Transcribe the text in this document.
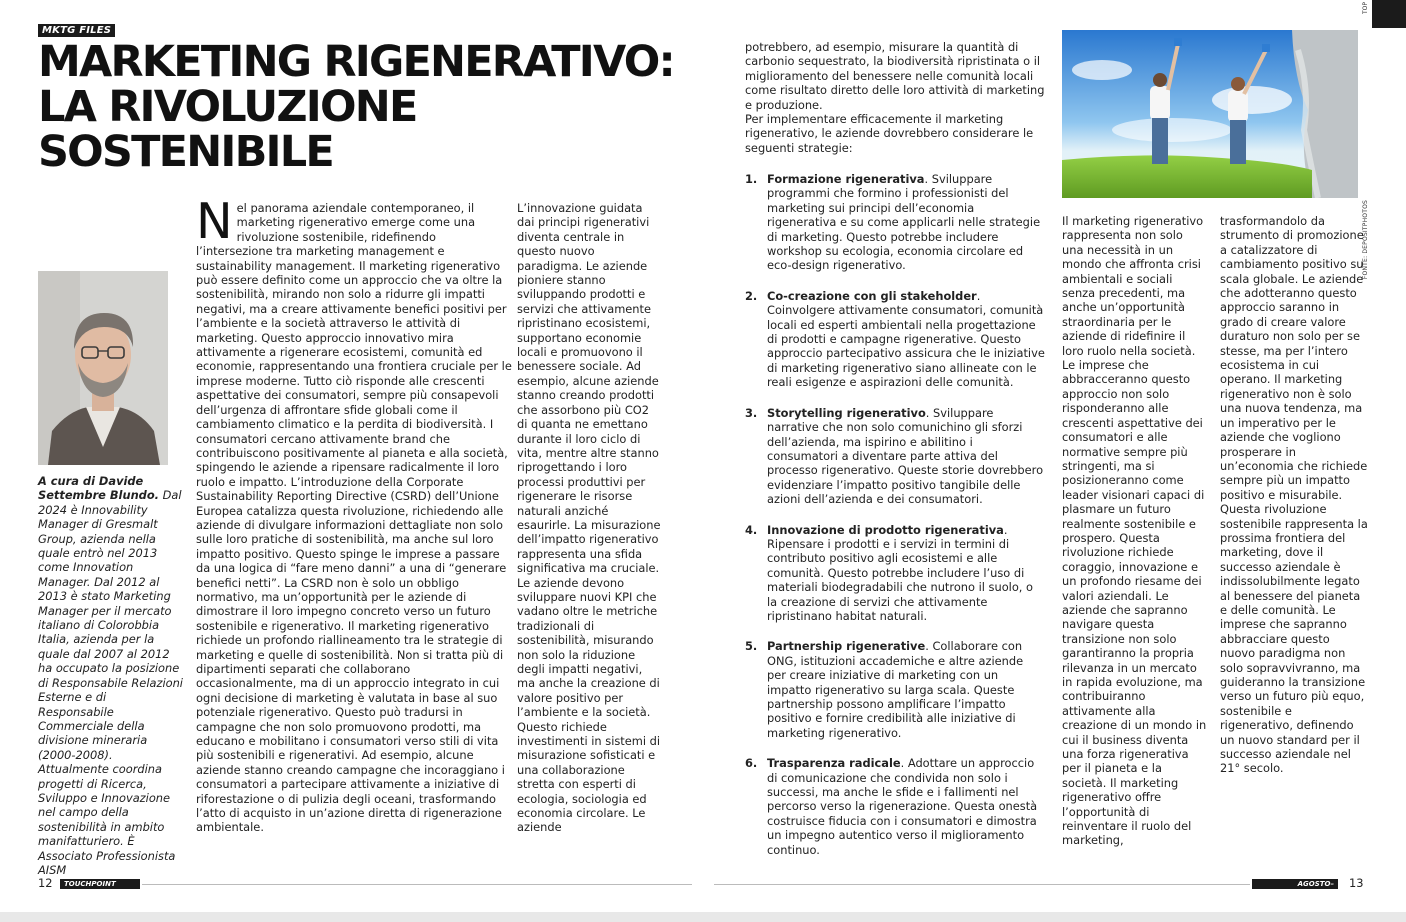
MKTG FILES
MARKETING RIGENERATIVO:
LA RIVOLUZIONE
SOSTENIBILE
A cura di Davide Settembre Blundo. Dal 2024 è Innovability Manager di Gresmalt Group, azienda nella quale entrò nel 2013 come Innovation Manager. Dal 2012 al 2013 è stato Marketing Manager per il mercato italiano di Colorobbia Italia, azienda per la quale dal 2007 al 2012 ha occupato la posizione di Responsabile Relazioni Esterne e di Responsabile Commerciale della divisione mineraria (2000-2008). Attualmente coordina progetti di Ricerca, Sviluppo e Innovazione nel campo della sostenibilità in ambito manifatturiero. È Associato Professionista AISM
N el panorama aziendale contemporaneo, il marketing rigenerativo emerge come una rivoluzione sostenibile, ridefinendo l’intersezione tra marketing management e sustainability management. Il marketing rigenerativo può essere definito come un approccio che va oltre la sostenibilità, mirando non solo a ridurre gli impatti negativi, ma a creare attivamente benefici positivi per l’ambiente e la società attraverso le attività di marketing. Questo approccio innovativo mira attivamente a rigenerare ecosistemi, comunità ed economie, rappresentando una frontiera cruciale per le imprese moderne. Tutto ciò risponde alle crescenti aspettative dei consumatori, sempre più consapevoli dell’urgenza di affrontare sfide globali come il cambiamento climatico e la perdita di biodiversità. I consumatori cercano attivamente brand che contribuiscono positivamente al pianeta e alla società, spingendo le aziende a ripensare radicalmente il loro ruolo e impatto. L’introduzione della Corporate Sustainability Reporting Directive (CSRD) dell’Unione Europea catalizza questa rivoluzione, richiedendo alle aziende di divulgare informazioni dettagliate non solo sulle loro pratiche di sostenibilità, ma anche sul loro impatto positivo. Questo spinge le imprese a passare da una logica di “fare meno danni” a una di “generare benefici netti”. La CSRD non è solo un obbligo normativo, ma un’opportunità per le aziende di dimostrare il loro impegno concreto verso un futuro sostenibile e rigenerativo. Il marketing rigenerativo richiede un profondo riallineamento tra le strategie di marketing e quelle di sostenibilità. Non si tratta più di dipartimenti separati che collaborano occasionalmente, ma di un approccio integrato in cui ogni decisione di marketing è valutata in base al suo potenziale rigenerativo. Questo può tradursi in campagne che non solo promuovono prodotti, ma educano e mobilitano i consumatori verso stili di vita più sostenibili e rigenerativi. Ad esempio, alcune aziende stanno creando campagne che incoraggiano i consumatori a partecipare attivamente a iniziative di riforestazione o di pulizia degli oceani, trasformando l’atto di acquisto in un’azione diretta di rigenerazione ambientale.

L’innovazione guidata dai principi rigenerativi diventa centrale in questo nuovo paradigma. Le aziende pioniere stanno sviluppando prodotti e servizi che attivamente ripristinano ecosistemi, supportano economie locali e promuovono il benessere sociale. Ad esempio, alcune aziende stanno creando prodotti che assorbono più CO2 di quanta ne emettano durante il loro ciclo di vita, mentre altre stanno riprogettando i loro processi produttivi per rigenerare le risorse naturali anziché esaurirle. La misurazione dell’impatto rigenerativo rappresenta una sfida significativa ma cruciale. Le aziende devono sviluppare nuovi KPI che vadano oltre le metriche tradizionali di sostenibilità, misurando non solo la riduzione degli impatti negativi, ma anche la creazione di valore positivo per l’ambiente e la società. Questo richiede investimenti in sistemi di misurazione sofisticati e una collaborazione stretta con esperti di ecologia, sociologia ed economia circolare. Le aziende

12	TOUCHPOINT MAGAZINE

potrebbero, ad esempio, misurare la quantità di carbonio sequestrato, la biodiversità ripristinata o il miglioramento del benessere nelle comunità locali come risultato diretto delle loro attività di marketing e produzione.

Per implementare efficacemente il marketing rigenerativo, le aziende dovrebbero considerare le seguenti strategie:

1. Formazione rigenerativa. Sviluppare programmi che formino i professionisti del marketing sui principi dell’economia rigenerativa e su come applicarli nelle strategie di marketing. Questo potrebbe includere workshop su ecologia, economia circolare ed eco-design rigenerativo.
2. Co-creazione con gli stakeholder. Coinvolgere attivamente consumatori, comunità locali ed esperti ambientali nella progettazione di prodotti e campagne rigenerative. Questo approccio partecipativo assicura che le iniziative di marketing rigenerativo siano allineate con le reali esigenze e aspirazioni delle comunità.
3. Storytelling rigenerativo. Sviluppare narrative che non solo comunichino gli sforzi dell’azienda, ma ispirino e abilitino i consumatori a diventare parte attiva del processo rigenerativo. Queste storie dovrebbero evidenziare l’impatto positivo tangibile delle azioni dell’azienda e dei consumatori.
4. Innovazione di prodotto rigenerativa. Ripensare i prodotti e i servizi in termini di contributo positivo agli ecosistemi e alle comunità. Questo potrebbe includere l’uso di materiali biodegradabili che nutrono il suolo, o la creazione di servizi che attivamente ripristinano habitat naturali.
5. Partnership rigenerative. Collaborare con ONG, istituzioni accademiche e altre aziende per creare iniziative di marketing con un impatto rigenerativo su larga scala. Queste partnership possono amplificare l’impatto positivo e fornire credibilità alle iniziative di marketing rigenerativo.
6. Trasparenza radicale. Adottare un approccio di comunicazione che condivida non solo i successi, ma anche le sfide e i fallimenti nel percorso verso la rigenerazione. Questa onestà costruisce fiducia con i consumatori e dimostra un impegno autentico verso il miglioramento continuo.
FONTE: DEPOSITPHOTOS
TOP

Il marketing rigenerativo rappresenta non solo una necessità in un mondo che affronta crisi ambientali e sociali senza precedenti, ma anche un’opportunità straordinaria per le aziende di ridefinire il loro ruolo nella società. Le imprese che abbracceranno questo approccio non solo risponderanno alle crescenti aspettative dei consumatori e alle normative sempre più stringenti, ma si posizioneranno come leader visionari capaci di plasmare un futuro realmente sostenibile e prospero. Questa rivoluzione richiede coraggio, innovazione e un profondo riesame dei valori aziendali. Le aziende che sapranno navigare questa transizione non solo garantiranno la propria rilevanza in un mercato in rapida evoluzione, ma contribuiranno attivamente alla creazione di un mondo in cui il business diventa una forza rigenerativa per il pianeta e la società. Il marketing rigenerativo offre l’opportunità di reinventare il ruolo del marketing,

trasformandolo da strumento di promozione a catalizzatore di cambiamento positivo su scala globale. Le aziende che adotteranno questo approccio saranno in grado di creare valore duraturo non solo per se stesse, ma per l’intero ecosistema in cui operano. Il marketing rigenerativo non è solo una nuova tendenza, ma un imperativo per le aziende che vogliono prosperare in un’economia che richiede sempre più un impatto positivo e misurabile. Questa rivoluzione sostenibile rappresenta la prossima frontiera del marketing, dove il successo aziendale è indissolubilmente legato al benessere del pianeta e delle comunità. Le imprese che sapranno abbracciare questo nuovo paradigma non solo sopravvivranno, ma guideranno la transizione verso un futuro più equo, sostenibile e rigenerativo, definendo un nuovo standard per il successo aziendale nel 21° secolo.

AGOSTO–SETTEMBRE 2024
13
